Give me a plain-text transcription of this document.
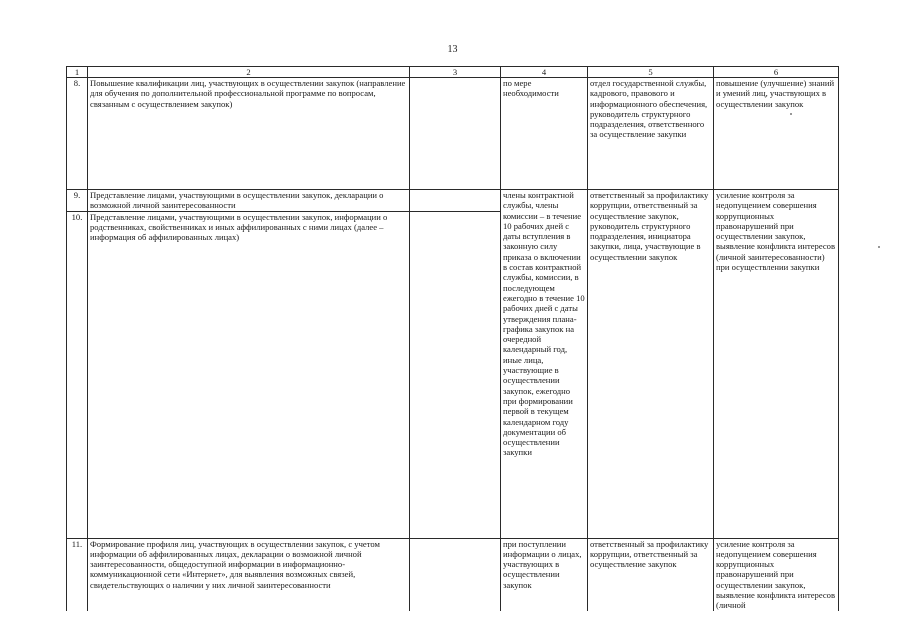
13
1	2	3	4	5	6
8.	Повышение квалификации лиц, участвующих в осуществлении закупок (направление для обучения по дополнительной профессиональной программе по вопросам, связанным с осуществлением закупок)		по мере необходимости	отдел государственной службы, кадрового, правового и информационного обеспечения, руководитель структурного подразделения, ответственного за осуществление закупки	повышение (улучшение) знаний и умений лиц, участвующих в осуществлении закупок
9.	Представление лицами, участвующими в осуществлении закупок, декларации о возможной личной заинтересованности		члены контрактной службы, члены комиссии – в течение 10 рабочих дней с даты вступления в законную силу приказа о включении в состав контрактной службы, комиссии, в последующем ежегодно в течение 10 рабочих дней с даты утверждения плана-графика закупок на очередной календарный год, иные лица, участвующие в осуществлении закупок, ежегодно при формировании первой в текущем календарном году документации об осуществлении закупки	ответственный за профилактику коррупции, ответственный за осуществление закупок, руководитель структурного подразделения, инициатора закупки, лица, участвующие в осуществлении закупок	усиление контроля за недопущением совершения коррупционных правонарушений при осуществлении закупок, выявление конфликта интересов (личной заинтересованности) при осуществлении закупки
10.	Представление лицами, участвующими в осуществлении закупок, информации о родственниках, свойственниках и иных аффилированных с ними лицах (далее – информация об аффилированных лицах)				
11.	Формирование профиля лиц, участвующих в осуществлении закупок, с учетом информации об аффилированных лицах, декларации о возможной личной заинтересованности, общедоступной информации в информационно-коммуникационной сети «Интернет», для выявления возможных связей, свидетельствующих о наличии у них личной заинтересованности		при поступлении информации о лицах, участвующих в осуществлении закупок	ответственный за профилактику коррупции, ответственный за осуществление закупок	усиление контроля за недопущением совершения коррупционных правонарушений при осуществлении закупок, выявление конфликта интересов (личной
